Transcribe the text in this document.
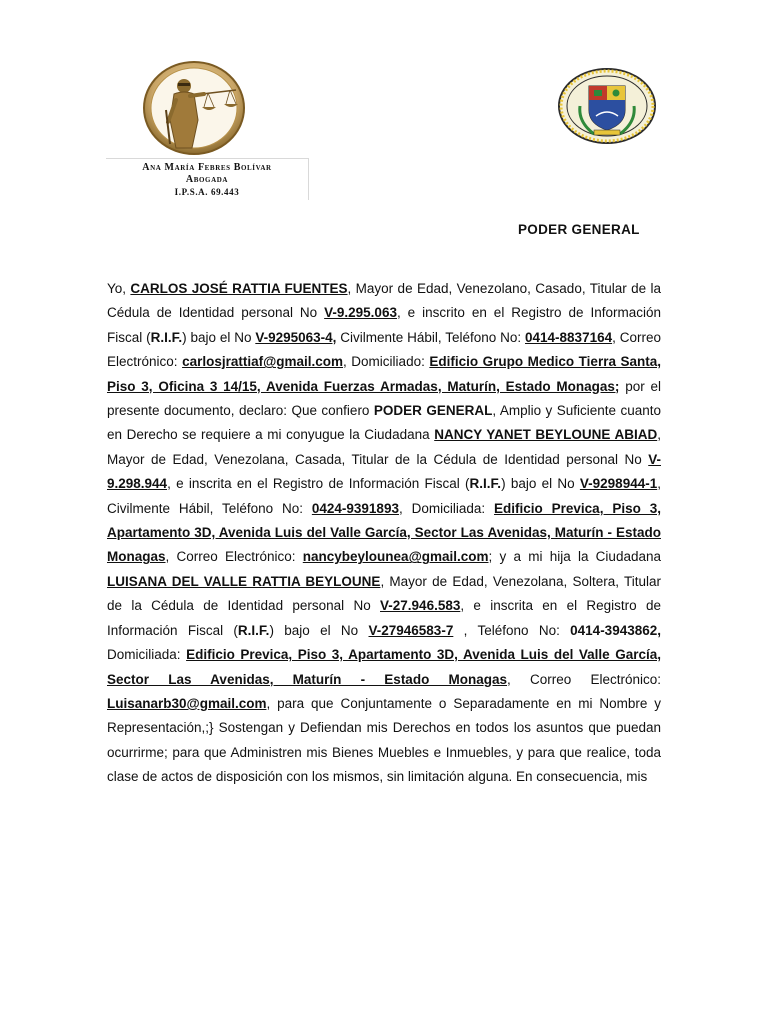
Ana María Febres Bolívar
Abogada
I.P.S.A. 69.443
PODER GENERAL

Yo, CARLOS JOSÉ RATTIA FUENTES, Mayor de Edad, Venezolano, Casado, Titular de la Cédula de Identidad personal No V-9.295.063, e inscrito en el Registro de Información Fiscal (R.I.F.) bajo el No V-9295063-4, Civilmente Hábil, Teléfono No: 0414-8837164, Correo Electrónico: carlosjrattiaf@gmail.com, Domiciliado: Edificio Grupo Medico Tierra Santa, Piso 3, Oficina 3 14/15, Avenida Fuerzas Armadas, Maturín, Estado Monagas; por el presente documento, declaro: Que confiero PODER GENERAL, Amplio y Suficiente cuanto en Derecho se requiere a mi conyugue la Ciudadana NANCY YANET BEYLOUNE ABIAD, Mayor de Edad, Venezolana, Casada, Titular de la Cédula de Identidad personal No V-9.298.944, e inscrita en el Registro de Información Fiscal (R.I.F.) bajo el No V-9298944-1, Civilmente Hábil, Teléfono No: 0424-9391893, Domiciliada: Edificio Previca, Piso 3, Apartamento 3D, Avenida Luis del Valle García, Sector Las Avenidas, Maturín - Estado Monagas, Correo Electrónico: nancybeylounea@gmail.com; y a mi hija la Ciudadana LUISANA DEL VALLE RATTIA BEYLOUNE, Mayor de Edad, Venezolana, Soltera, Titular de la Cédula de Identidad personal No V-27.946.583, e inscrita en el Registro de Información Fiscal (R.I.F.) bajo el No V-27946583-7 , Teléfono No: 0414-3943862, Domiciliada: Edificio Previca, Piso 3, Apartamento 3D, Avenida Luis del Valle García, Sector Las Avenidas, Maturín - Estado Monagas, Correo Electrónico: Luisanarb30@gmail.com, para que Conjuntamente o Separadamente en mi Nombre y Representación,;} Sostengan y Defiendan mis Derechos en todos los asuntos que puedan ocurrirme; para que Administren mis Bienes Muebles e Inmuebles, y para que realice, toda clase de actos de disposición con los mismos, sin limitación alguna. En consecuencia, mis
